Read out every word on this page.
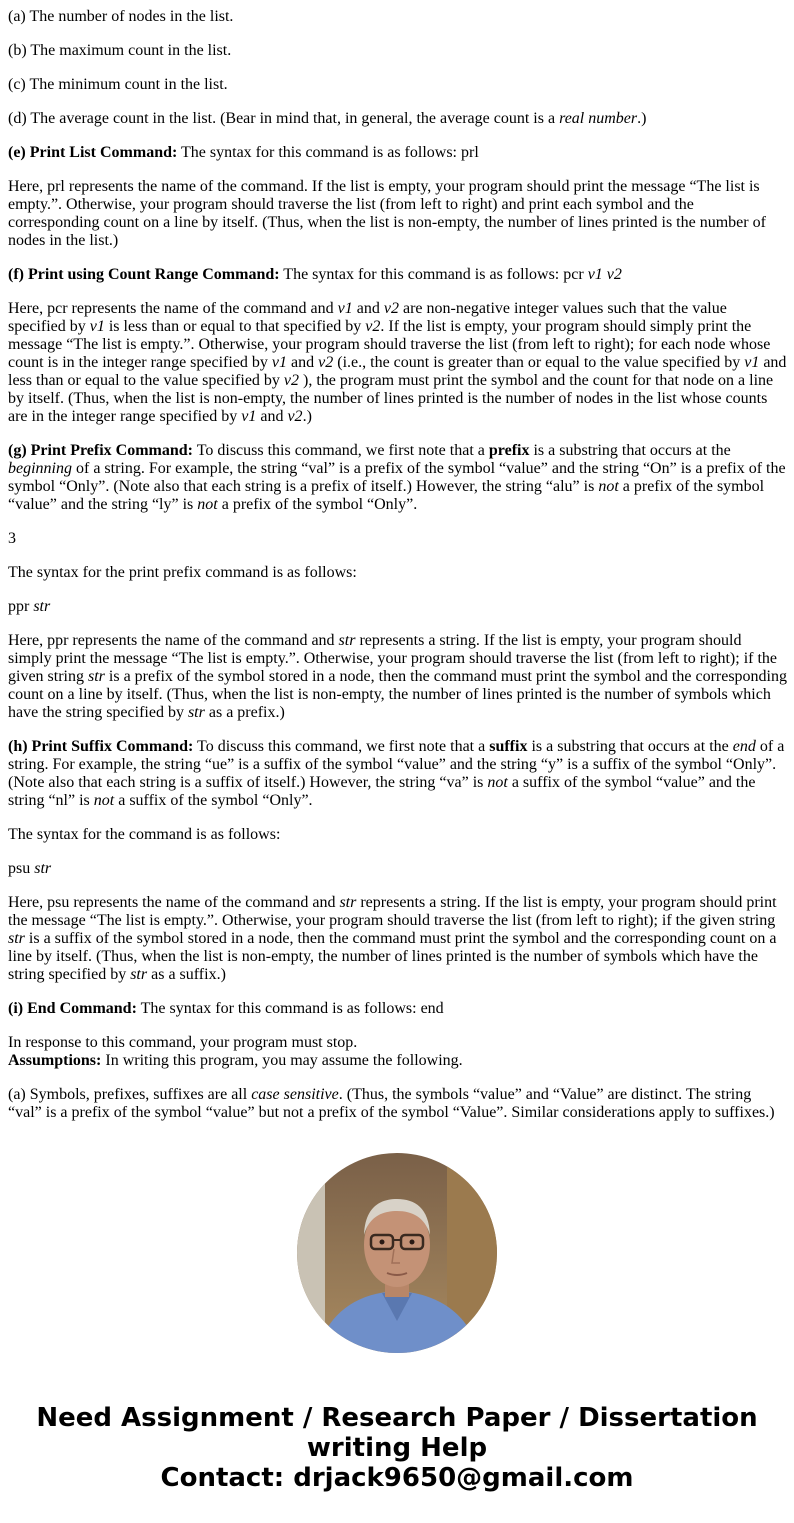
(a) The number of nodes in the list.

(b) The maximum count in the list.

(c) The minimum count in the list.

(d) The average count in the list. (Bear in mind that, in general, the average count is a real number.)

(e) Print List Command: The syntax for this command is as follows: prl

Here, prl represents the name of the command. If the list is empty, your program should print the message “The list is empty.”. Otherwise, your program should traverse the list (from left to right) and print each symbol and the corresponding count on a line by itself. (Thus, when the list is non-empty, the number of lines printed is the number of nodes in the list.)

(f) Print using Count Range Command: The syntax for this command is as follows: pcr v1 v2

Here, pcr represents the name of the command and v1 and v2 are non-negative integer values such that the value specified by v1 is less than or equal to that specified by v2. If the list is empty, your program should simply print the message “The list is empty.”. Otherwise, your program should traverse the list (from left to right); for each node whose count is in the integer range specified by v1 and v2 (i.e., the count is greater than or equal to the value specified by v1 and less than or equal to the value specified by v2 ), the program must print the symbol and the count for that node on a line by itself. (Thus, when the list is non-empty, the number of lines printed is the number of nodes in the list whose counts are in the integer range specified by v1 and v2.)

(g) Print Prefix Command: To discuss this command, we first note that a prefix is a substring that occurs at the beginning of a string. For example, the string “val” is a prefix of the symbol “value” and the string “On” is a prefix of the symbol “Only”. (Note also that each string is a prefix of itself.) However, the string “alu” is not a prefix of the symbol “value” and the string “ly” is not a prefix of the symbol “Only”.

3

The syntax for the print prefix command is as follows:

ppr str

Here, ppr represents the name of the command and str represents a string. If the list is empty, your program should simply print the message “The list is empty.”. Otherwise, your program should traverse the list (from left to right); if the given string str is a prefix of the symbol stored in a node, then the command must print the symbol and the corresponding count on a line by itself. (Thus, when the list is non-empty, the number of lines printed is the number of symbols which have the string specified by str as a prefix.)

(h) Print Suffix Command: To discuss this command, we first note that a suffix is a substring that occurs at the end of a string. For example, the string “ue” is a suffix of the symbol “value” and the string “y” is a suffix of the symbol “Only”. (Note also that each string is a suffix of itself.) However, the string “va” is not a suffix of the symbol “value” and the string “nl” is not a suffix of the symbol “Only”.

The syntax for the command is as follows:

psu str

Here, psu represents the name of the command and str represents a string. If the list is empty, your program should print the message “The list is empty.”. Otherwise, your program should traverse the list (from left to right); if the given string str is a suffix of the symbol stored in a node, then the command must print the symbol and the corresponding count on a line by itself. (Thus, when the list is non-empty, the number of lines printed is the number of symbols which have the string specified by str as a suffix.)

(i) End Command: The syntax for this command is as follows: end

In response to this command, your program must stop.

Assumptions: In writing this program, you may assume the following.

(a) Symbols, prefixes, suffixes are all case sensitive. (Thus, the symbols “value” and “Value” are distinct. The string “val” is a prefix of the symbol “value” but not a prefix of the symbol “Value”. Similar considerations apply to suffixes.)

Need Assignment / Research Paper / Dissertation
writing Help
Contact: drjack9650@gmail.com
